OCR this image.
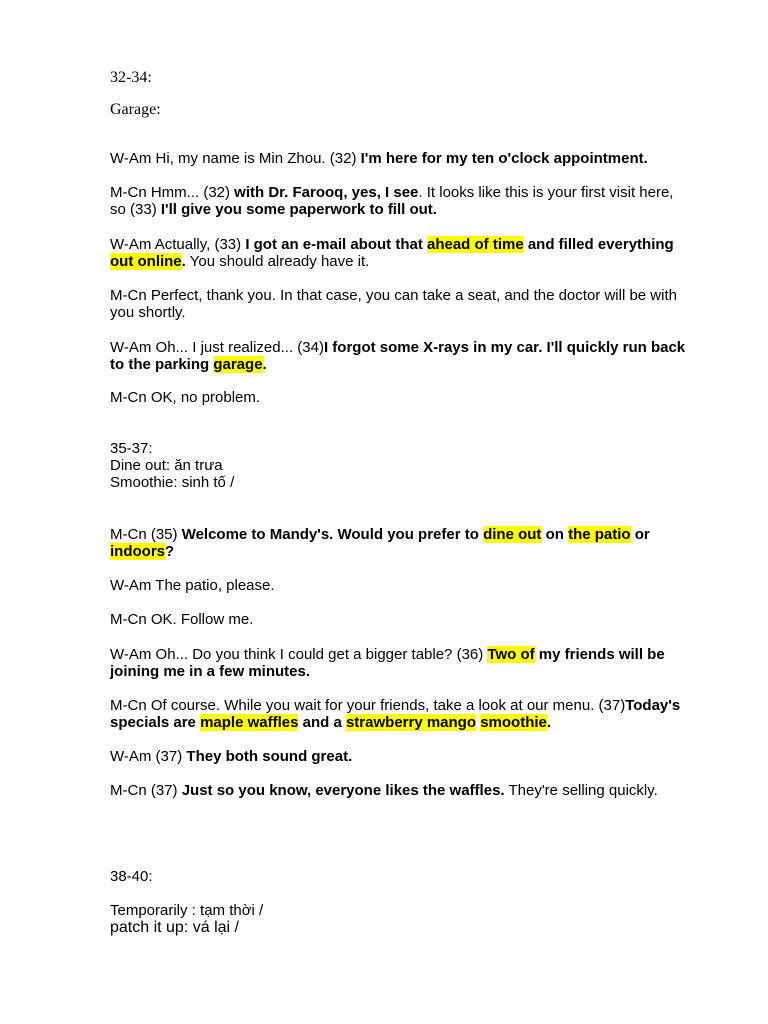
32-34:
Garage:
W-Am Hi, my name is Min Zhou. (32) I'm here for my ten o'clock appointment.
M-Cn Hmm... (32) with Dr. Farooq, yes, I see. It looks like this is your first visit here,
so (33) I'll give you some paperwork to fill out.
W-Am Actually, (33) I got an e-mail about that ahead of time and filled everything
out online. You should already have it.
M-Cn Perfect, thank you. In that case, you can take a seat, and the doctor will be with
you shortly.
W-Am Oh... I just realized... (34)I forgot some X-rays in my car. I'll quickly run back
to the parking garage.
M-Cn OK, no problem.
35-37:
Dine out: ăn trưa
Smoothie: sinh tố /
M-Cn (35) Welcome to Mandy's. Would you prefer to dine out on the patio or
indoors?
W-Am The patio, please.
M-Cn OK. Follow me.
W-Am Oh... Do you think I could get a bigger table? (36) Two of my friends will be
joining me in a few minutes.
M-Cn Of course. While you wait for your friends, take a look at our menu. (37)Today's
specials are maple waffles and a strawberry mango smoothie.
W-Am (37) They both sound great.
M-Cn (37) Just so you know, everyone likes the waffles. They're selling quickly.
38-40:
Temporarily : tạm thời /
patch it up: vá lại /
